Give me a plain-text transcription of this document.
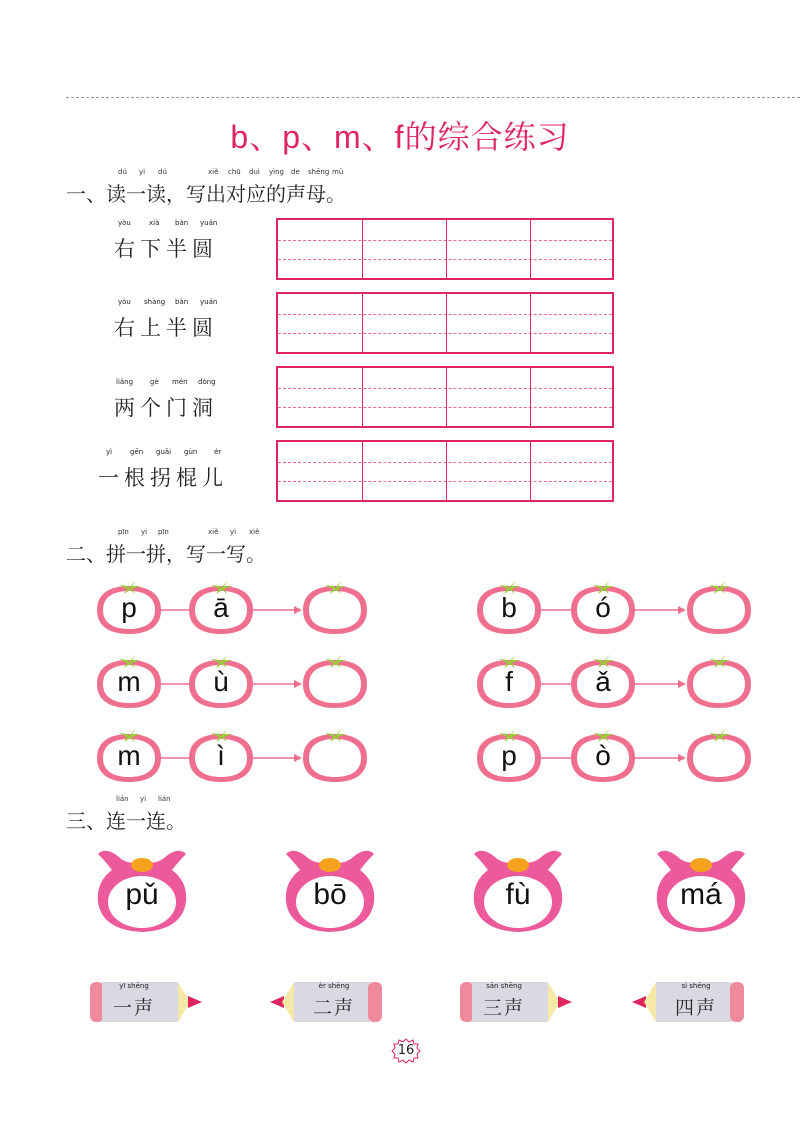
b、p、m、f的综合练习
dú yi dú	xiě chū duì yìng de shēng mǔ
一、读一读，写出对应的声母。
yòu	xià bàn yuán
右下半圆
yòu shàng bàn yuán
右上半圆
liǎng gè mén dòng
两个门洞
yì	gēn guǎi gùn ér
一根拐棍儿
pīn yi pīn	xiě yi xiě
二、拼一拼，写一写。
p	ā	b	ó
m	ù	f	ǎ
m	ì	p	ò
lián yi lián
三、连一连。
pǔ	bō	fù	má
yī shēng
一声
èr shēng
二声
sān shēng
三声
sì shēng
四声
16
